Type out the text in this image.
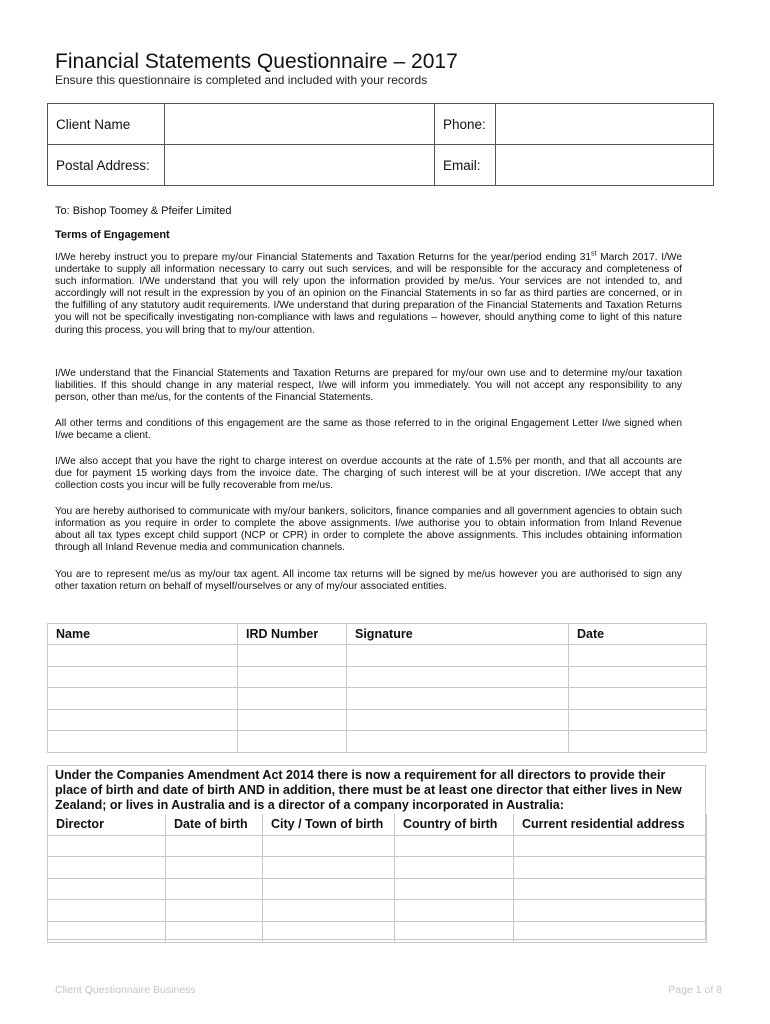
Financial Statements Questionnaire – 2017
Ensure this questionnaire is completed and included with your records
Client Name		Phone:	
Postal Address:		Email:	
To: Bishop Toomey & Pfeifer Limited
Terms of Engagement

I/We hereby instruct you to prepare my/our Financial Statements and Taxation Returns for the year/period ending 31st March 2017. I/We undertake to supply all information necessary to carry out such services, and will be responsible for the accuracy and completeness of such information. I/We understand that you will rely upon the information provided by me/us. Your services are not intended to, and accordingly will not result in the expression by you of an opinion on the Financial Statements in so far as third parties are concerned, or in the fulfilling of any statutory audit requirements. I/We understand that during preparation of the Financial Statements and Taxation Returns you will not be specifically investigating non-compliance with laws and regulations – however, should anything come to light of this nature during this process, you will bring that to my/our attention.

I/We understand that the Financial Statements and Taxation Returns are prepared for my/our own use and to determine my/our taxation liabilities. If this should change in any material respect, I/we will inform you immediately. You will not accept any responsibility to any person, other than me/us, for the contents of the Financial Statements.

All other terms and conditions of this engagement are the same as those referred to in the original Engagement Letter I/we signed when I/we became a client.

I/We also accept that you have the right to charge interest on overdue accounts at the rate of 1.5% per month, and that all accounts are due for payment 15 working days from the invoice date. The charging of such interest will be at your discretion. I/We accept that any collection costs you incur will be fully recoverable from me/us.

You are hereby authorised to communicate with my/our bankers, solicitors, finance companies and all government agencies to obtain such information as you require in order to complete the above assignments. I/we authorise you to obtain information from Inland Revenue about all tax types except child support (NCP or CPR) in order to complete the above assignments. This includes obtaining information through all Inland Revenue media and communication channels.

You are to represent me/us as my/our tax agent. All income tax returns will be signed by me/us however you are authorised to sign any other taxation return on behalf of myself/ourselves or any of my/our associated entities.

Name	IRD Number	Signature	Date

Under the Companies Amendment Act 2014 there is now a requirement for all directors to provide their place of birth and date of birth AND in addition, there must be at least one director that either lives in New Zealand; or lives in Australia and is a director of a company incorporated in Australia:

Director	Date of birth	City / Town of birth	Country of birth	Current residential address

Client Questionnaire Business	Page 1 of 8
